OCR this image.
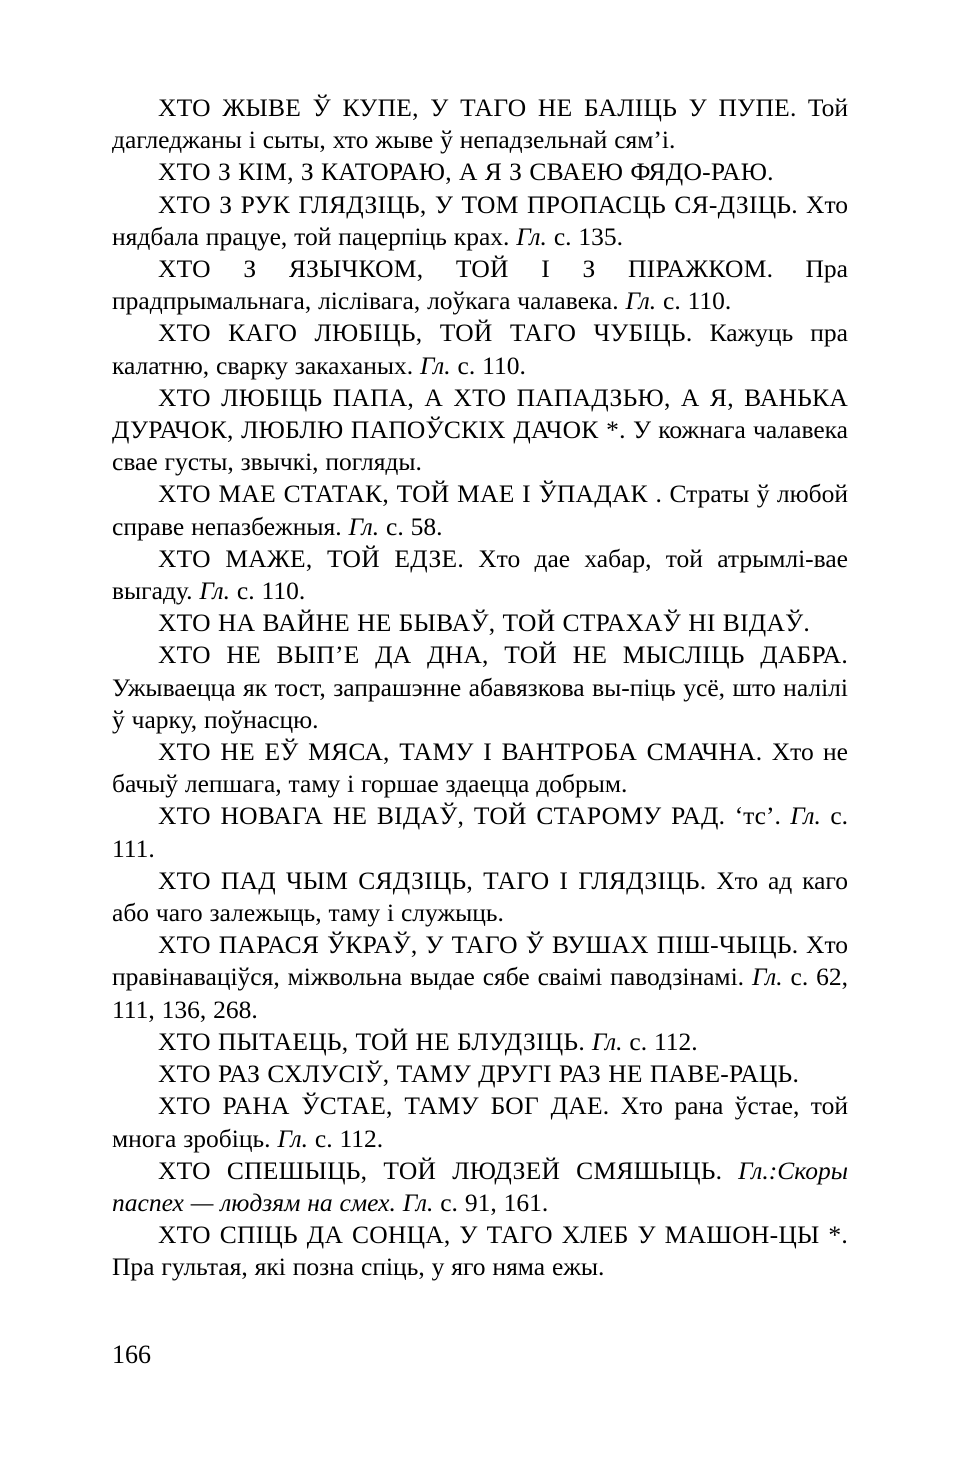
ХТО ЖЫВЕ Ў КУПЕ, У ТАГО НЕ БАЛІЦЬ У ПУПЕ. Той дагледжаны і сыты, хто жыве ў непадзельнай сям’і.

ХТО З КІМ, З КАТОРАЮ, А Я З СВАЕЮ ФЯДО-РАЮ.

ХТО З РУК ГЛЯДЗІЦЬ, У ТОМ ПРОПАСЦЬ СЯ-ДЗІЦЬ. Хто нядбала працуе, той пацерпіць крах. Гл. с. 135.

ХТО З ЯЗЫЧКОМ, ТОЙ І З ПІРАЖКОМ. Пра прадпрымальнага, ліслівага, лоўкага чалавека. Гл. с. 110.

ХТО КАГО ЛЮБІЦЬ, ТОЙ ТАГО ЧУБІЦЬ. Кажуць пра калатню, сварку закаханых. Гл. с. 110.

ХТО ЛЮБІЦЬ ПАПА, А ХТО ПАПАДЗЬЮ, А Я, ВАНЬКА ДУРАЧОК, ЛЮБЛЮ ПАПОЎСКІХ ДАЧОК *. У кожнага чалавека свае густы, звычкі, погляды.

ХТО МАЕ СТАТАК, ТОЙ МАЕ І ЎПАДАК . Страты ў любой справе непазбежныя. Гл. с. 58.

ХТО МАЖЕ, ТОЙ ЕДЗЕ. Хто дае хабар, той атрымлі-вае выгаду. Гл. с. 110.

ХТО НА ВАЙНЕ НЕ БЫВАЎ, ТОЙ СТРАХАЎ НІ ВІДАЎ.

ХТО НЕ ВЫП’Е ДА ДНА, ТОЙ НЕ МЫСЛІЦЬ ДАБРА. Ужываецца як тост, запрашэнне абавязкова вы-піць усё, што налілі ў чарку, поўнасцю.

ХТО НЕ ЕЎ МЯСА, ТАМУ І ВАНТРОБА СМАЧНА. Хто не бачыў лепшага, таму і горшае здаецца добрым.

ХТО НОВАГА НЕ ВІДАЎ, ТОЙ СТАРОМУ РАД. ‘тс’. Гл. с. 111.

ХТО ПАД ЧЫМ СЯДЗІЦЬ, ТАГО І ГЛЯДЗІЦЬ. Хто ад каго або чаго залежыць, таму і служыць.

ХТО ПАРАСЯ ЎКРАЎ, У ТАГО Ў ВУШАХ ПІШ-ЧЫЦЬ. Хто правінаваціўся, міжвольна выдае сябе сваімі паводзінамі. Гл. с. 62, 111, 136, 268.

ХТО ПЫТАЕЦЬ, ТОЙ НЕ БЛУДЗІЦЬ. Гл. с. 112.

ХТО РАЗ СХЛУСІЎ, ТАМУ ДРУГІ РАЗ НЕ ПАВЕ-РАЦЬ.

ХТО РАНА ЎСТАЕ, ТАМУ БОГ ДАЕ. Хто рана ўстае, той многа зробіць. Гл. с. 112.

ХТО СПЕШЫЦЬ, ТОЙ ЛЮДЗЕЙ СМЯШЫЦЬ. Гл.:Скоры паспех — людзям на смех. Гл. с. 91, 161.

ХТО СПІЦЬ ДА СОНЦА, У ТАГО ХЛЕБ У МАШОН-ЦЫ *. Пра гультая, які позна спіць, у яго няма ежы.

166
